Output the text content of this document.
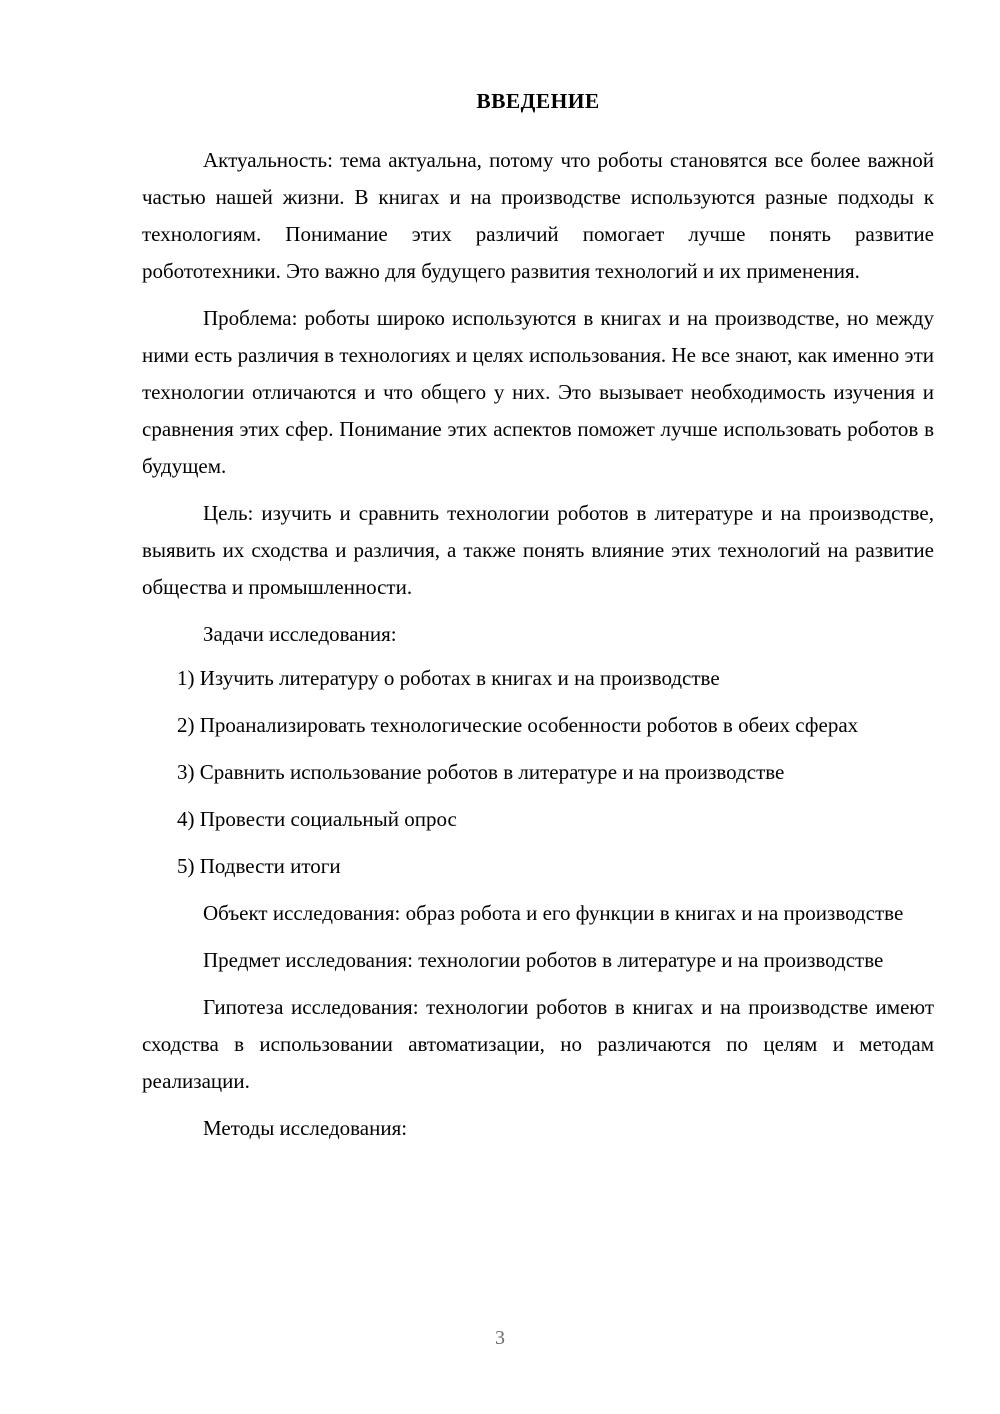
ВВЕДЕНИЕ

Актуальность: тема актуальна, потому что роботы становятся все более важной частью нашей жизни. В книгах и на производстве используются разные подходы к технологиям. Понимание этих различий помогает лучше понять развитие робототехники. Это важно для будущего развития технологий и их применения.

Проблема: роботы широко используются в книгах и на производстве, но между ними есть различия в технологиях и целях использования. Не все знают, как именно эти технологии отличаются и что общего у них. Это вызывает необходимость изучения и сравнения этих сфер. Понимание этих аспектов поможет лучше использовать роботов в будущем.

Цель: изучить и сравнить технологии роботов в литературе и на производстве, выявить их сходства и различия, а также понять влияние этих технологий на развитие общества и промышленности.

Задачи исследования:

1) Изучить литературу о роботах в книгах и на производстве

2) Проанализировать технологические особенности роботов в обеих сферах

3) Сравнить использование роботов в литературе и на производстве

4) Провести социальный опрос

5) Подвести итоги

Объект исследования: образ робота и его функции в книгах и на производстве

Предмет исследования: технологии роботов в литературе и на производстве

Гипотеза исследования: технологии роботов в книгах и на производстве имеют сходства в использовании автоматизации, но различаются по целям и методам реализации.

Методы исследования:

3
